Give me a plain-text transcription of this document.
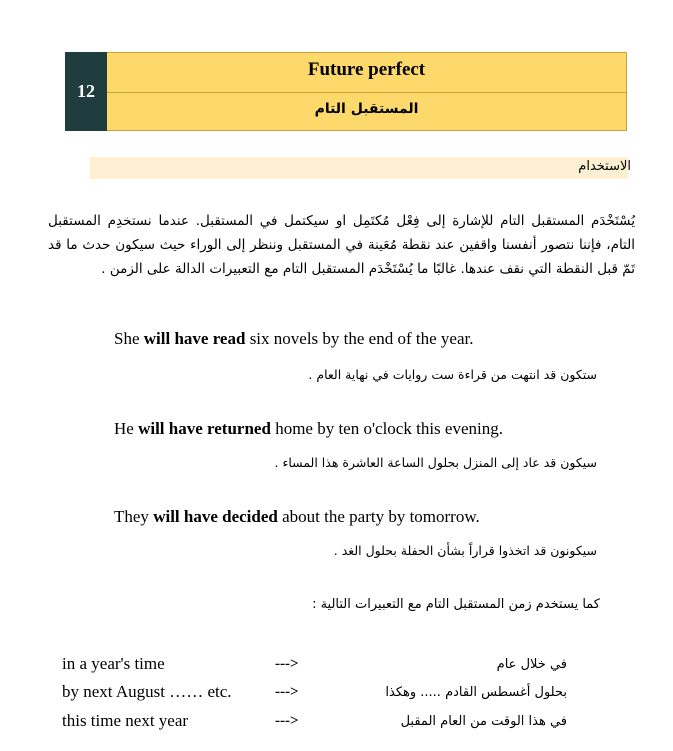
12
Future perfect
المستقبل التام
الاستخدام
يُسْتَخْدَم المستقبل التام للإشارة إلى فِعْل مُكتَمِل او سيكتمل في المستقبل. عندما نستخدِم المستقبل التام، فإننا نتصور أنفسنا واقفين عند نقطة مُعَينة في المستقبل وننظر إلى الوراء حيث سيكون حدث ما قد تَمّ قبل النقطة التي نقف عندها. غالبًا ما يُسْتَخْدَم المستقبل التام مع التعبيرات الدالة على الزمن .
She will have read six novels by the end of the year.
ستكون قد انتهت من قراءة ست روايات في نهاية العام .
He will have returned home by ten o'clock this evening.
سيكون قد عاد إلى المنزل بحلول الساعة العاشرة هذا المساء .
They will have decided about the party by tomorrow.
سيكونون قد اتخذوا قراراً بشأن الحفلة بحلول الغد .
كما يستخدم زمن المستقبل التام مع التعبيرات التالية :
in a year's time	--->	في خلال عام
by next August …… etc.	--->	بحلول أغسطس القادم ..... وهكذا
this time next year	--->	في هذا الوقت من العام المقبل
